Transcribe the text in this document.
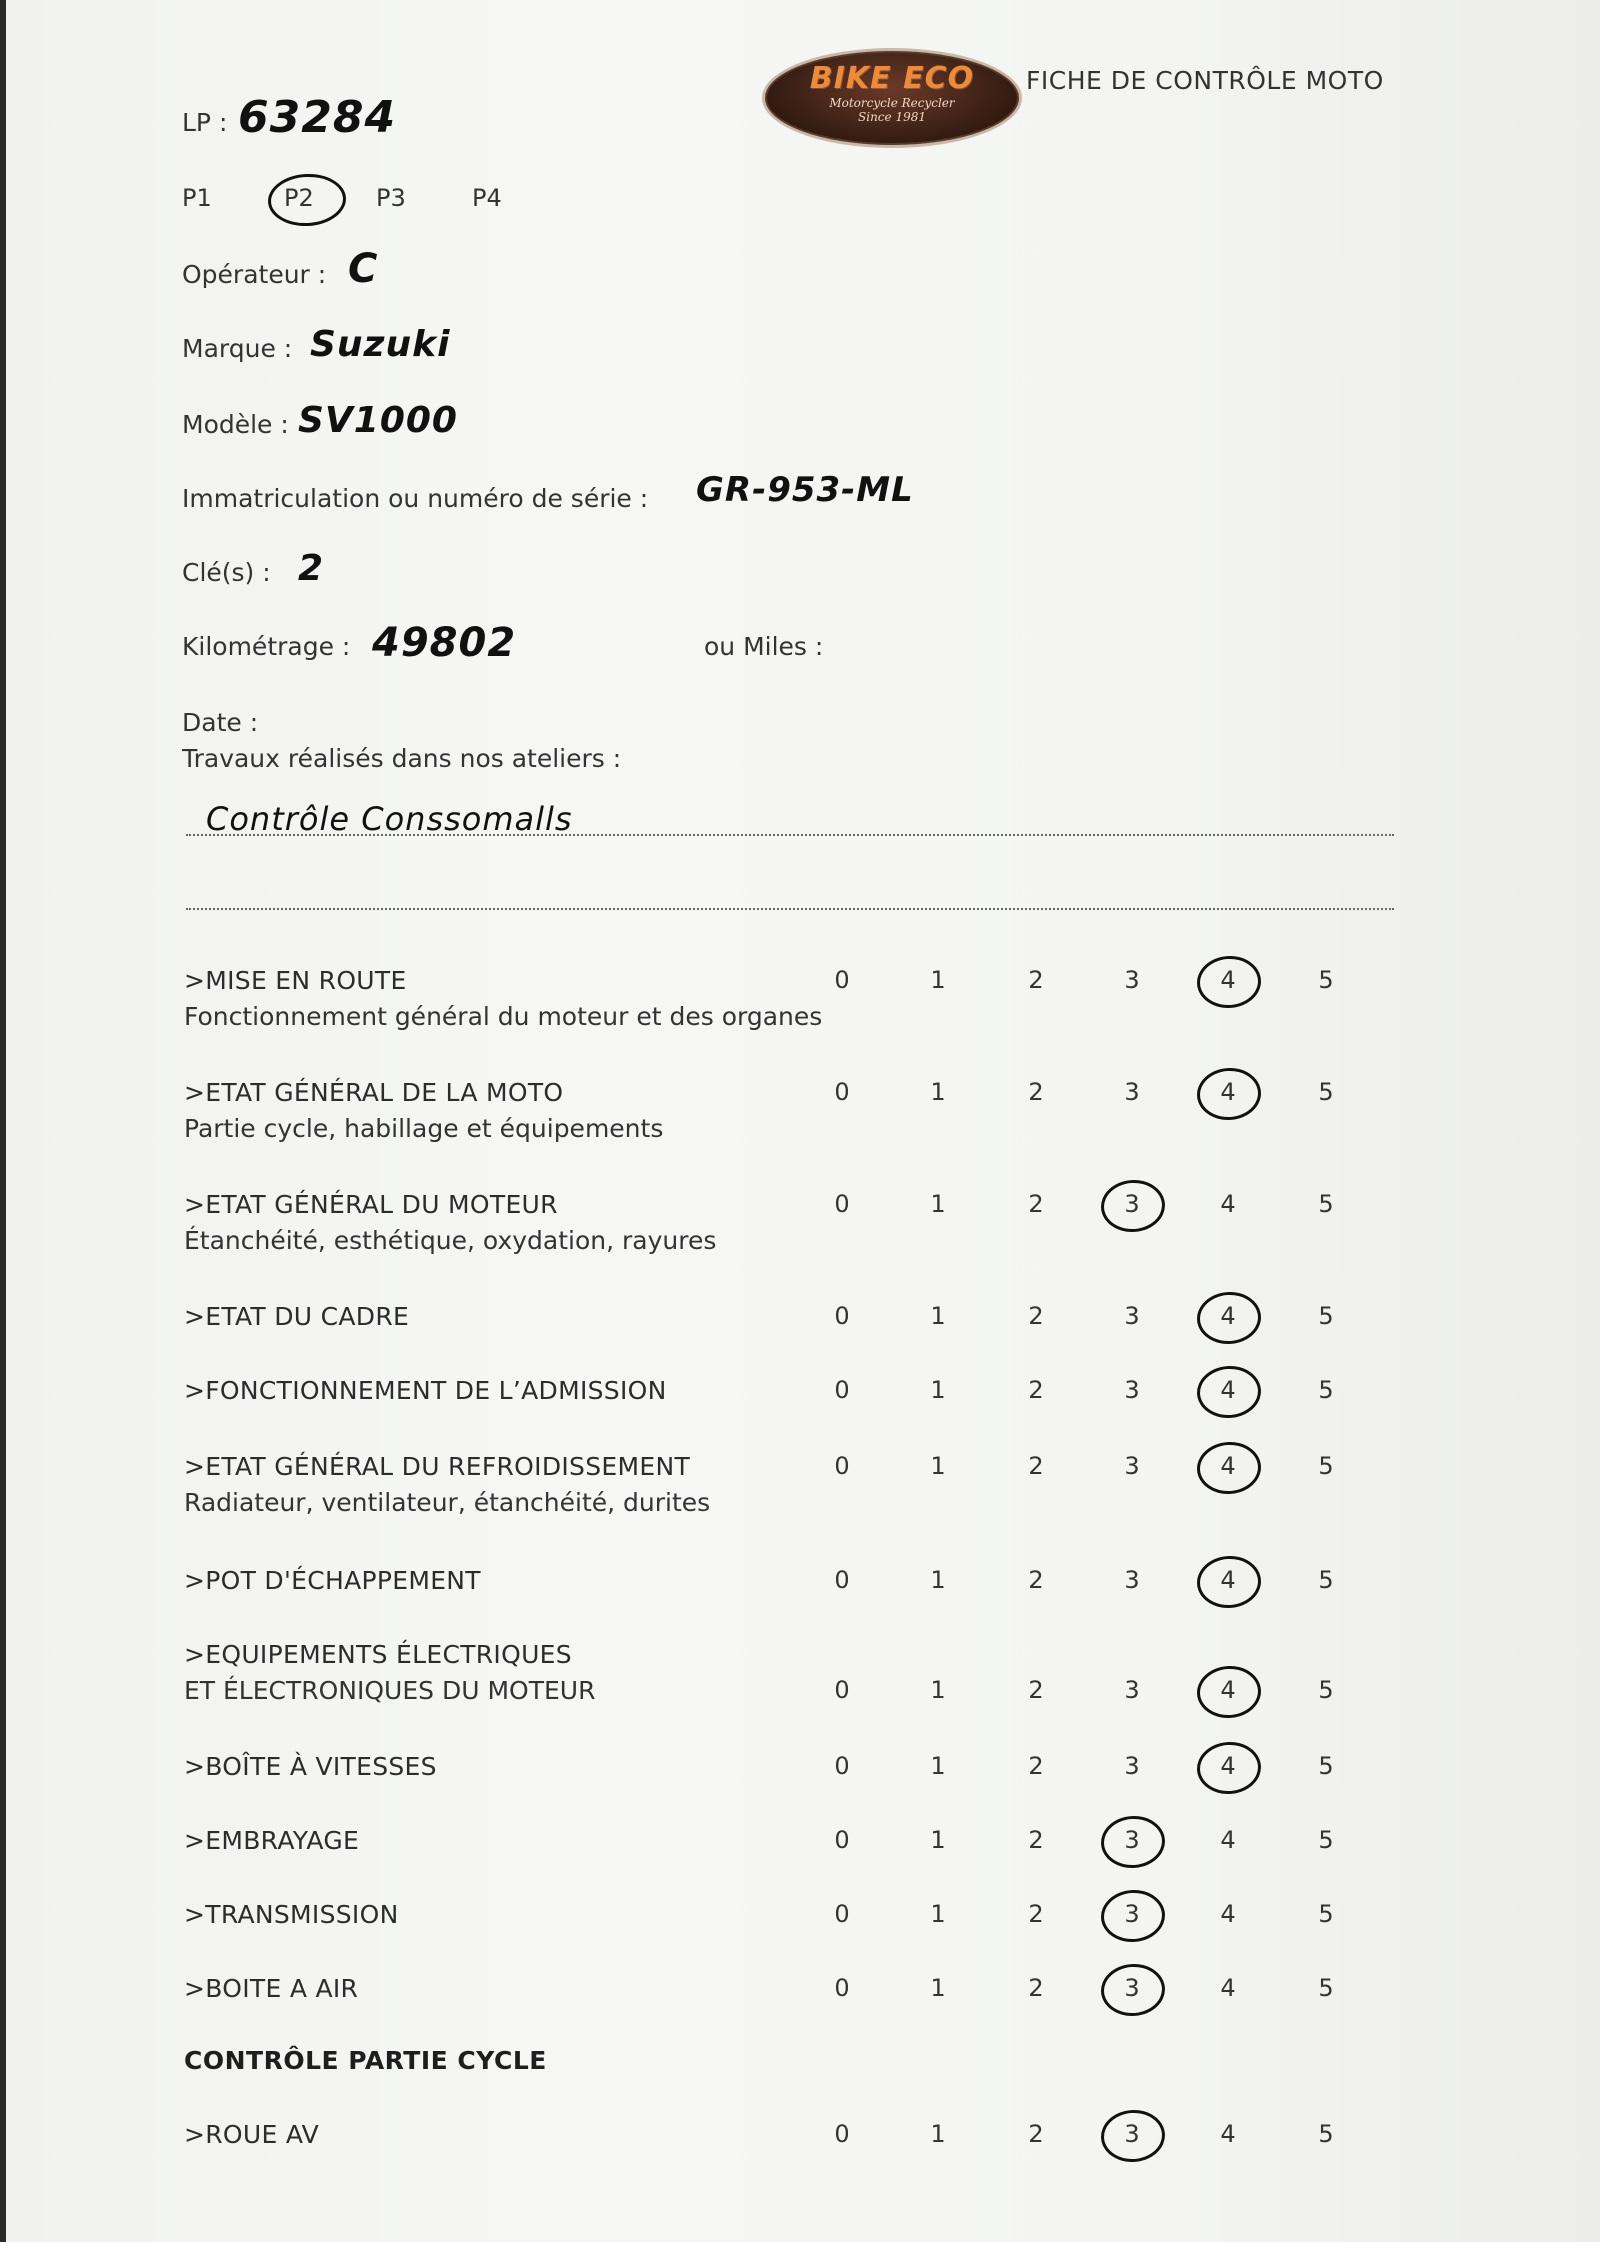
BIKE ECO
Motorcycle Recycler
Since 1981
FICHE DE CONTRÔLE MOTO
LP : 63284
P1	P2	P3	P4
Opérateur : C
Marque : Suzuki
Modèle : SV1000
Immatriculation ou numéro de série : GR-953-ML
Clé(s) : 2
Kilométrage : 49802	ou Miles :
Date :
Travaux réalisés dans nos ateliers :
Contrôle Conssomalls
>MISE EN ROUTE
Fonctionnement général du moteur et des organes
0	1	2	3	4	5
>ETAT GÉNÉRAL DE LA MOTO
Partie cycle, habillage et équipements
0	1	2	3	4	5
>ETAT GÉNÉRAL DU MOTEUR
Étanchéité, esthétique, oxydation, rayures
0	1	2	3	4	5
>ETAT DU CADRE	0	1	2	3	4	5
>FONCTIONNEMENT DE L’ADMISSION	0	1	2	3	4	5
>ETAT GÉNÉRAL DU REFROIDISSEMENT
Radiateur, ventilateur, étanchéité, durites
0	1	2	3	4	5
>POT D'ÉCHAPPEMENT	0	1	2	3	4	5
>EQUIPEMENTS ÉLECTRIQUES
ET ÉLECTRONIQUES DU MOTEUR	0	1	2	3	4	5
>BOÎTE À VITESSES	0	1	2	3	4	5
>EMBRAYAGE	0	1	2	3	4	5
>TRANSMISSION	0	1	2	3	4	5
>BOITE A AIR	0	1	2	3	4	5
CONTRÔLE PARTIE CYCLE
>ROUE AV	0	1	2	3	4	5
